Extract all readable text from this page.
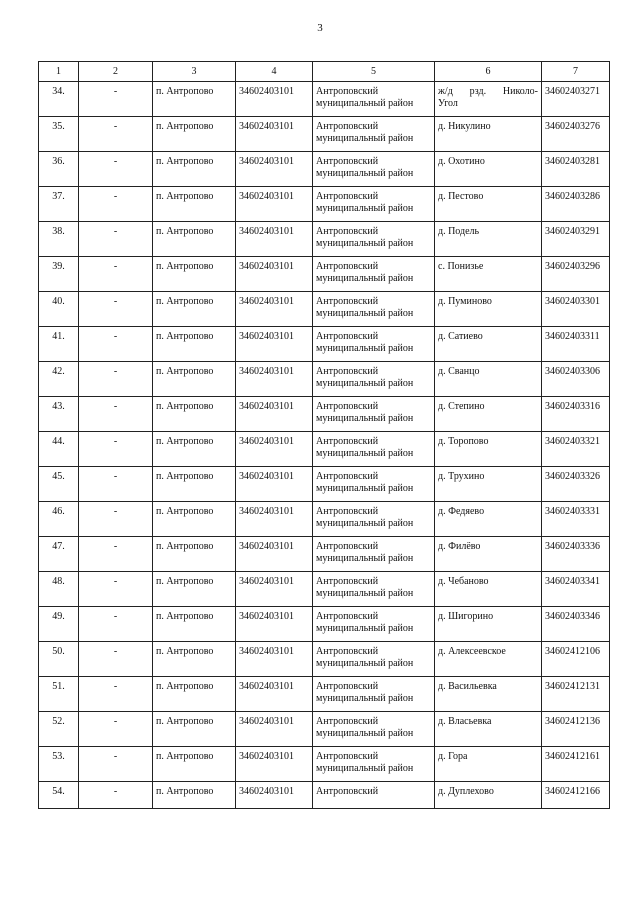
3
1	2	3	4	5	6	7
34.	-	п. Антропово	34602403101	Антроповский
муниципальный район	ж/д рзд. Николо-
Угол	34602403271
35.	-	п. Антропово	34602403101	Антроповский
муниципальный район	д. Никулино	34602403276
36.	-	п. Антропово	34602403101	Антроповский
муниципальный район	д. Охотино	34602403281
37.	-	п. Антропово	34602403101	Антроповский
муниципальный район	д. Пестово	34602403286
38.	-	п. Антропово	34602403101	Антроповский
муниципальный район	д. Подель	34602403291
39.	-	п. Антропово	34602403101	Антроповский
муниципальный район	с. Понизье	34602403296
40.	-	п. Антропово	34602403101	Антроповский
муниципальный район	д. Пуминово	34602403301
41.	-	п. Антропово	34602403101	Антроповский
муниципальный район	д. Сатиево	34602403311
42.	-	п. Антропово	34602403101	Антроповский
муниципальный район	д. Сванцо	34602403306
43.	-	п. Антропово	34602403101	Антроповский
муниципальный район	д. Степино	34602403316
44.	-	п. Антропово	34602403101	Антроповский
муниципальный район	д. Торопово	34602403321
45.	-	п. Антропово	34602403101	Антроповский
муниципальный район	д. Трухино	34602403326
46.	-	п. Антропово	34602403101	Антроповский
муниципальный район	д. Федяево	34602403331
47.	-	п. Антропово	34602403101	Антроповский
муниципальный район	д. Филёво	34602403336
48.	-	п. Антропово	34602403101	Антроповский
муниципальный район	д. Чебаново	34602403341
49.	-	п. Антропово	34602403101	Антроповский
муниципальный район	д. Шигорино	34602403346
50.	-	п. Антропово	34602403101	Антроповский
муниципальный район	д. Алексеевское	34602412106
51.	-	п. Антропово	34602403101	Антроповский
муниципальный район	д. Васильевка	34602412131
52.	-	п. Антропово	34602403101	Антроповский
муниципальный район	д. Власьевка	34602412136
53.	-	п. Антропово	34602403101	Антроповский
муниципальный район	д. Гора	34602412161
54.	-	п. Антропово	34602403101	Антроповский	д. Дуплехово	34602412166
